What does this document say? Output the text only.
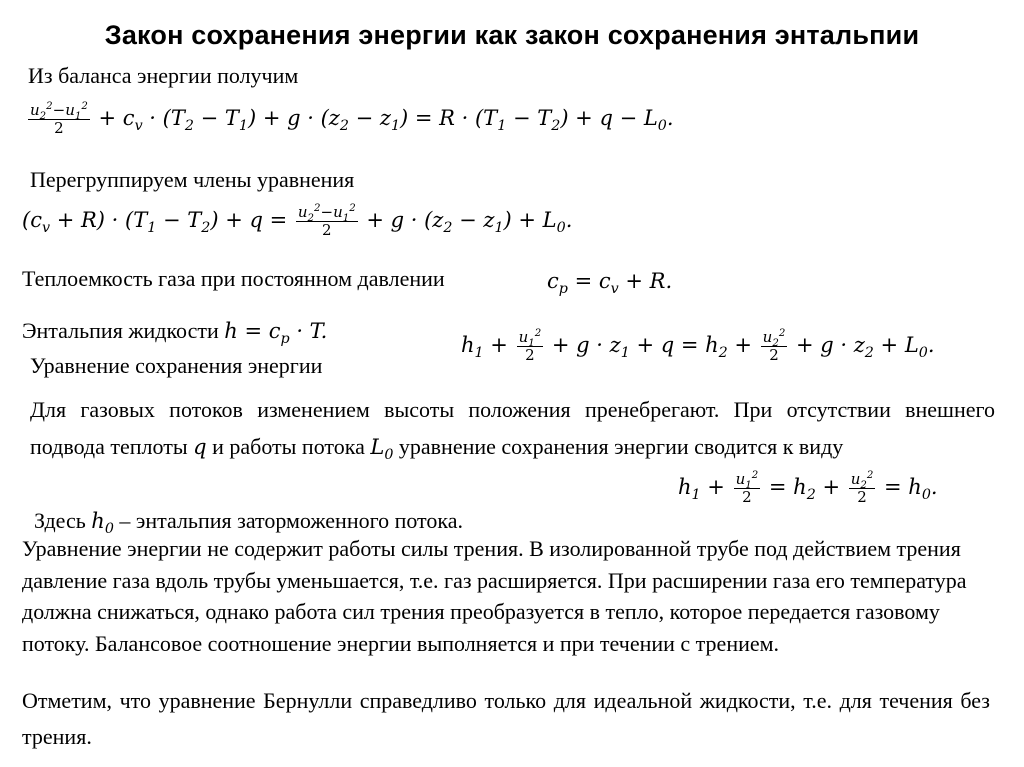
Закон сохранения энергии как закон сохранения энтальпии
Из баланса энергии получим
$\frac{u_2^2-u_1^2}{2} + c_v \cdot (T_2 - T_1) + g \cdot (z_2 - z_1) = R \cdot (T_1 - T_2) + q - L_0$.
Перегруппируем члены уравнения
$(c_v + R) \cdot (T_1 - T_2) + q = \frac{u_2^2-u_1^2}{2} + g \cdot (z_2 - z_1) + L_0$.
Теплоемкость газа при постоянном давлении	$c_p = c_v + R$.
Энтальпия жидкости $h = c_p \cdot T$.
Уравнение сохранения энергии
$h_1 + \frac{u_1^2}{2} + g \cdot z_1 + q = h_2 + \frac{u_2^2}{2} + g \cdot z_2 + L_0$.
Для газовых потоков изменением высоты положения пренебрегают. При отсутствии внешнего подвода теплоты q и работы потока $L_0$ уравнение сохранения энергии сводится к виду
$h_1 + \frac{u_1^2}{2} = h_2 + \frac{u_2^2}{2} = h_0$.
Здесь $h_0$ – энтальпия заторможенного потока.
Уравнение энергии не содержит работы силы трения. В изолированной трубе под действием трения давление газа вдоль трубы уменьшается, т.е. газ расширяется. При расширении газа его температура должна снижаться, однако работа сил трения преобразуется в тепло, которое передается газовому потоку. Балансовое соотношение энергии выполняется и при течении с трением.
Отметим, что уравнение Бернулли справедливо только для идеальной жидкости, т.е. для течения без трения.
